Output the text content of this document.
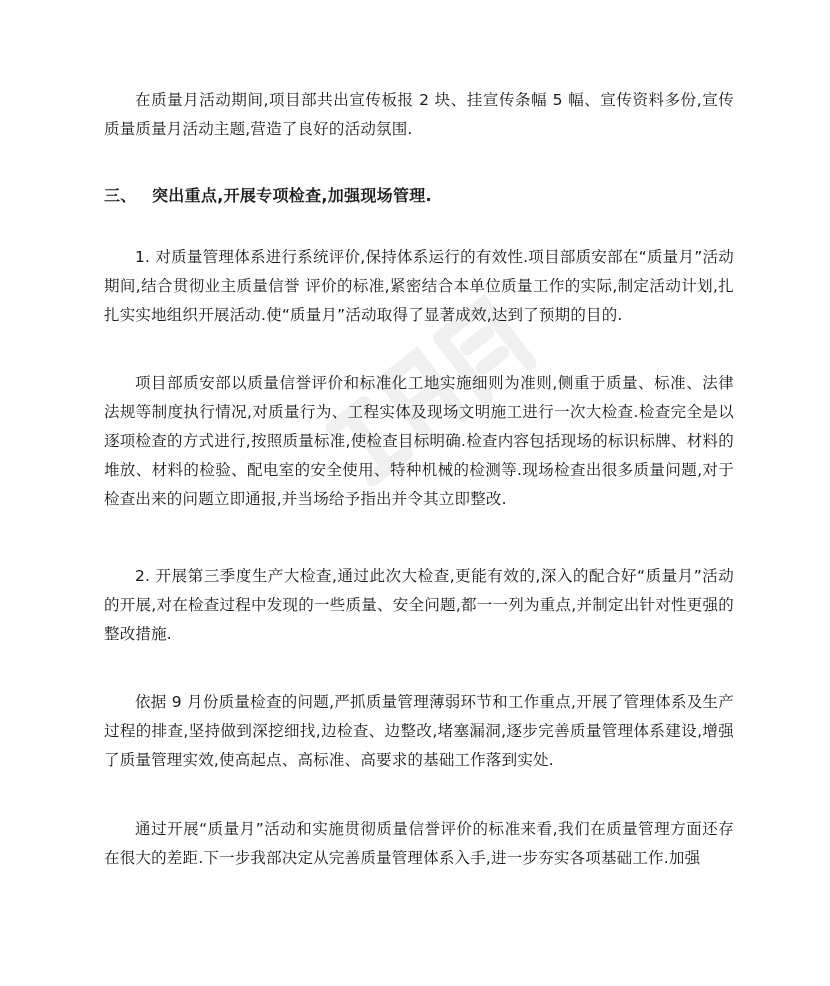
在质量月活动期间,项目部共出宣传板报 2 块、挂宣传条幅 5 幅、宣传资料多份,宣传质量质量月活动主题,营造了良好的活动氛围.

三、 突出重点,开展专项检查,加强现场管理.

1. 对质量管理体系进行系统评价,保持体系运行的有效性.项目部质安部在“质量月”活动期间,结合贯彻业主质量信誉 评价的标准,紧密结合本单位质量工作的实际,制定活动计划,扎扎实实地组织开展活动.使“质量月”活动取得了显著成效,达到了预期的目的.

项目部质安部以质量信誉评价和标准化工地实施细则为准则,侧重于质量、标准、法律法规等制度执行情况,对质量行为、工程实体及现场文明施工进行一次大检查.检查完全是以逐项检查的方式进行,按照质量标准,使检查目标明确.检查内容包括现场的标识标牌、材料的堆放、材料的检验、配电室的安全使用、特种机械的检测等.现场检查出很多质量问题,对于检查出来的问题立即通报,并当场给予指出并令其立即整改.

2. 开展第三季度生产大检查,通过此次大检查,更能有效的,深入的配合好“质量月”活动的开展,对在检查过程中发现的一些质量、安全问题,都一一列为重点,并制定出针对性更强的整改措施.

依据 9 月份质量检查的问题,严抓质量管理薄弱环节和工作重点,开展了管理体系及生产过程的排查,坚持做到深挖细找,边检查、边整改,堵塞漏洞,逐步完善质量管理体系建设,增强了质量管理实效,使高起点、高标准、高要求的基础工作落到实处.

通过开展“质量月”活动和实施贯彻质量信誉评价的标准来看,我们在质量管理方面还存在很大的差距.下一步我部决定从完善质量管理体系入手,进一步夯实各项基础工作.加强
